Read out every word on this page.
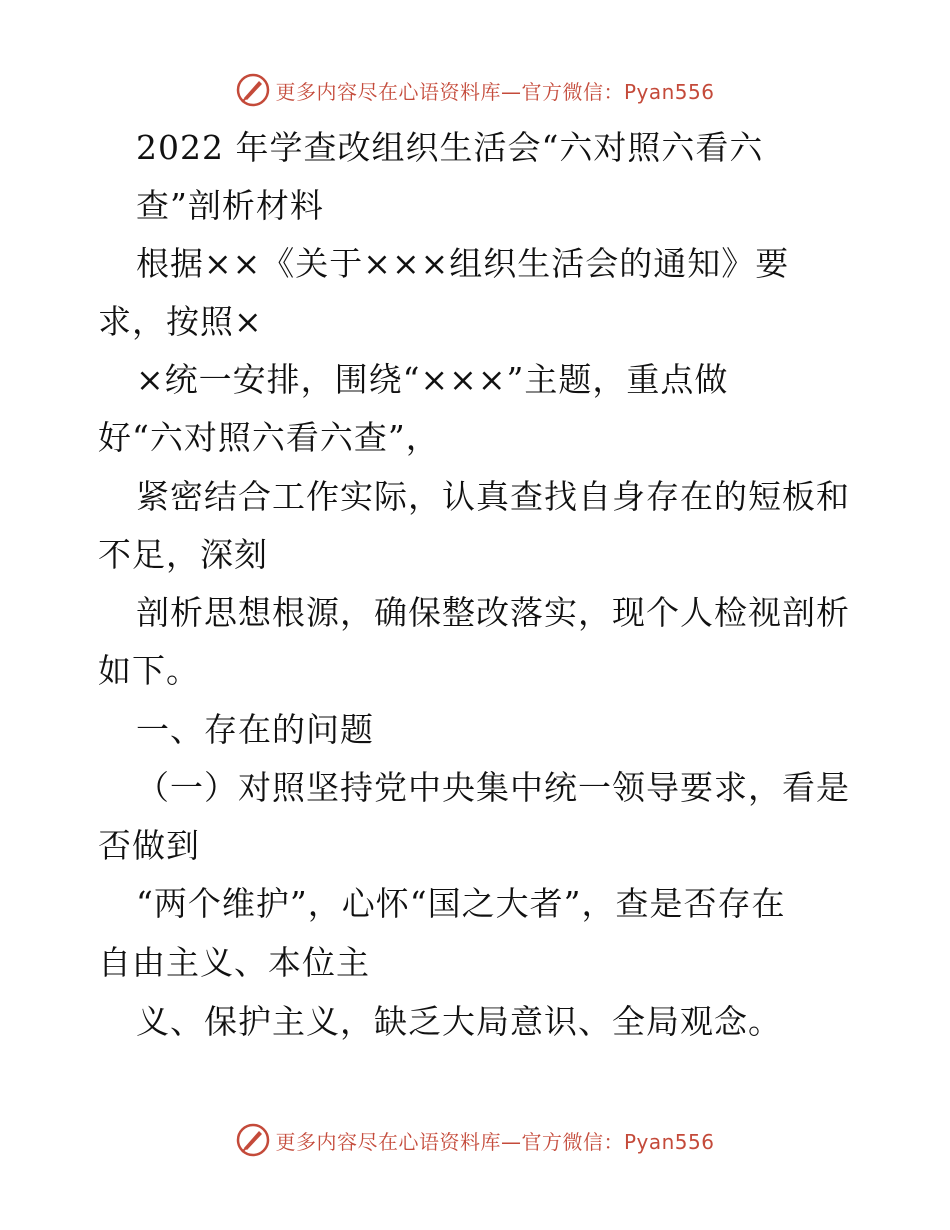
更多内容尽在心语资料库—官方微信：Pyan556
2022 年学查改组织生活会“六对照六看六
查”剖析材料
根据××《关于×××组织生活会的通知》要
求，按照×
×统一安排，围绕“×××”主题，重点做
好“六对照六看六查”，
紧密结合工作实际，认真查找自身存在的短板和
不足，深刻
剖析思想根源，确保整改落实，现个人检视剖析
如下。
一、存在的问题
（一）对照坚持党中央集中统一领导要求，看是
否做到
“两个维护”，心怀“国之大者”，查是否存在
自由主义、本位主
义、保护主义，缺乏大局意识、全局观念。
更多内容尽在心语资料库—官方微信：Pyan556
